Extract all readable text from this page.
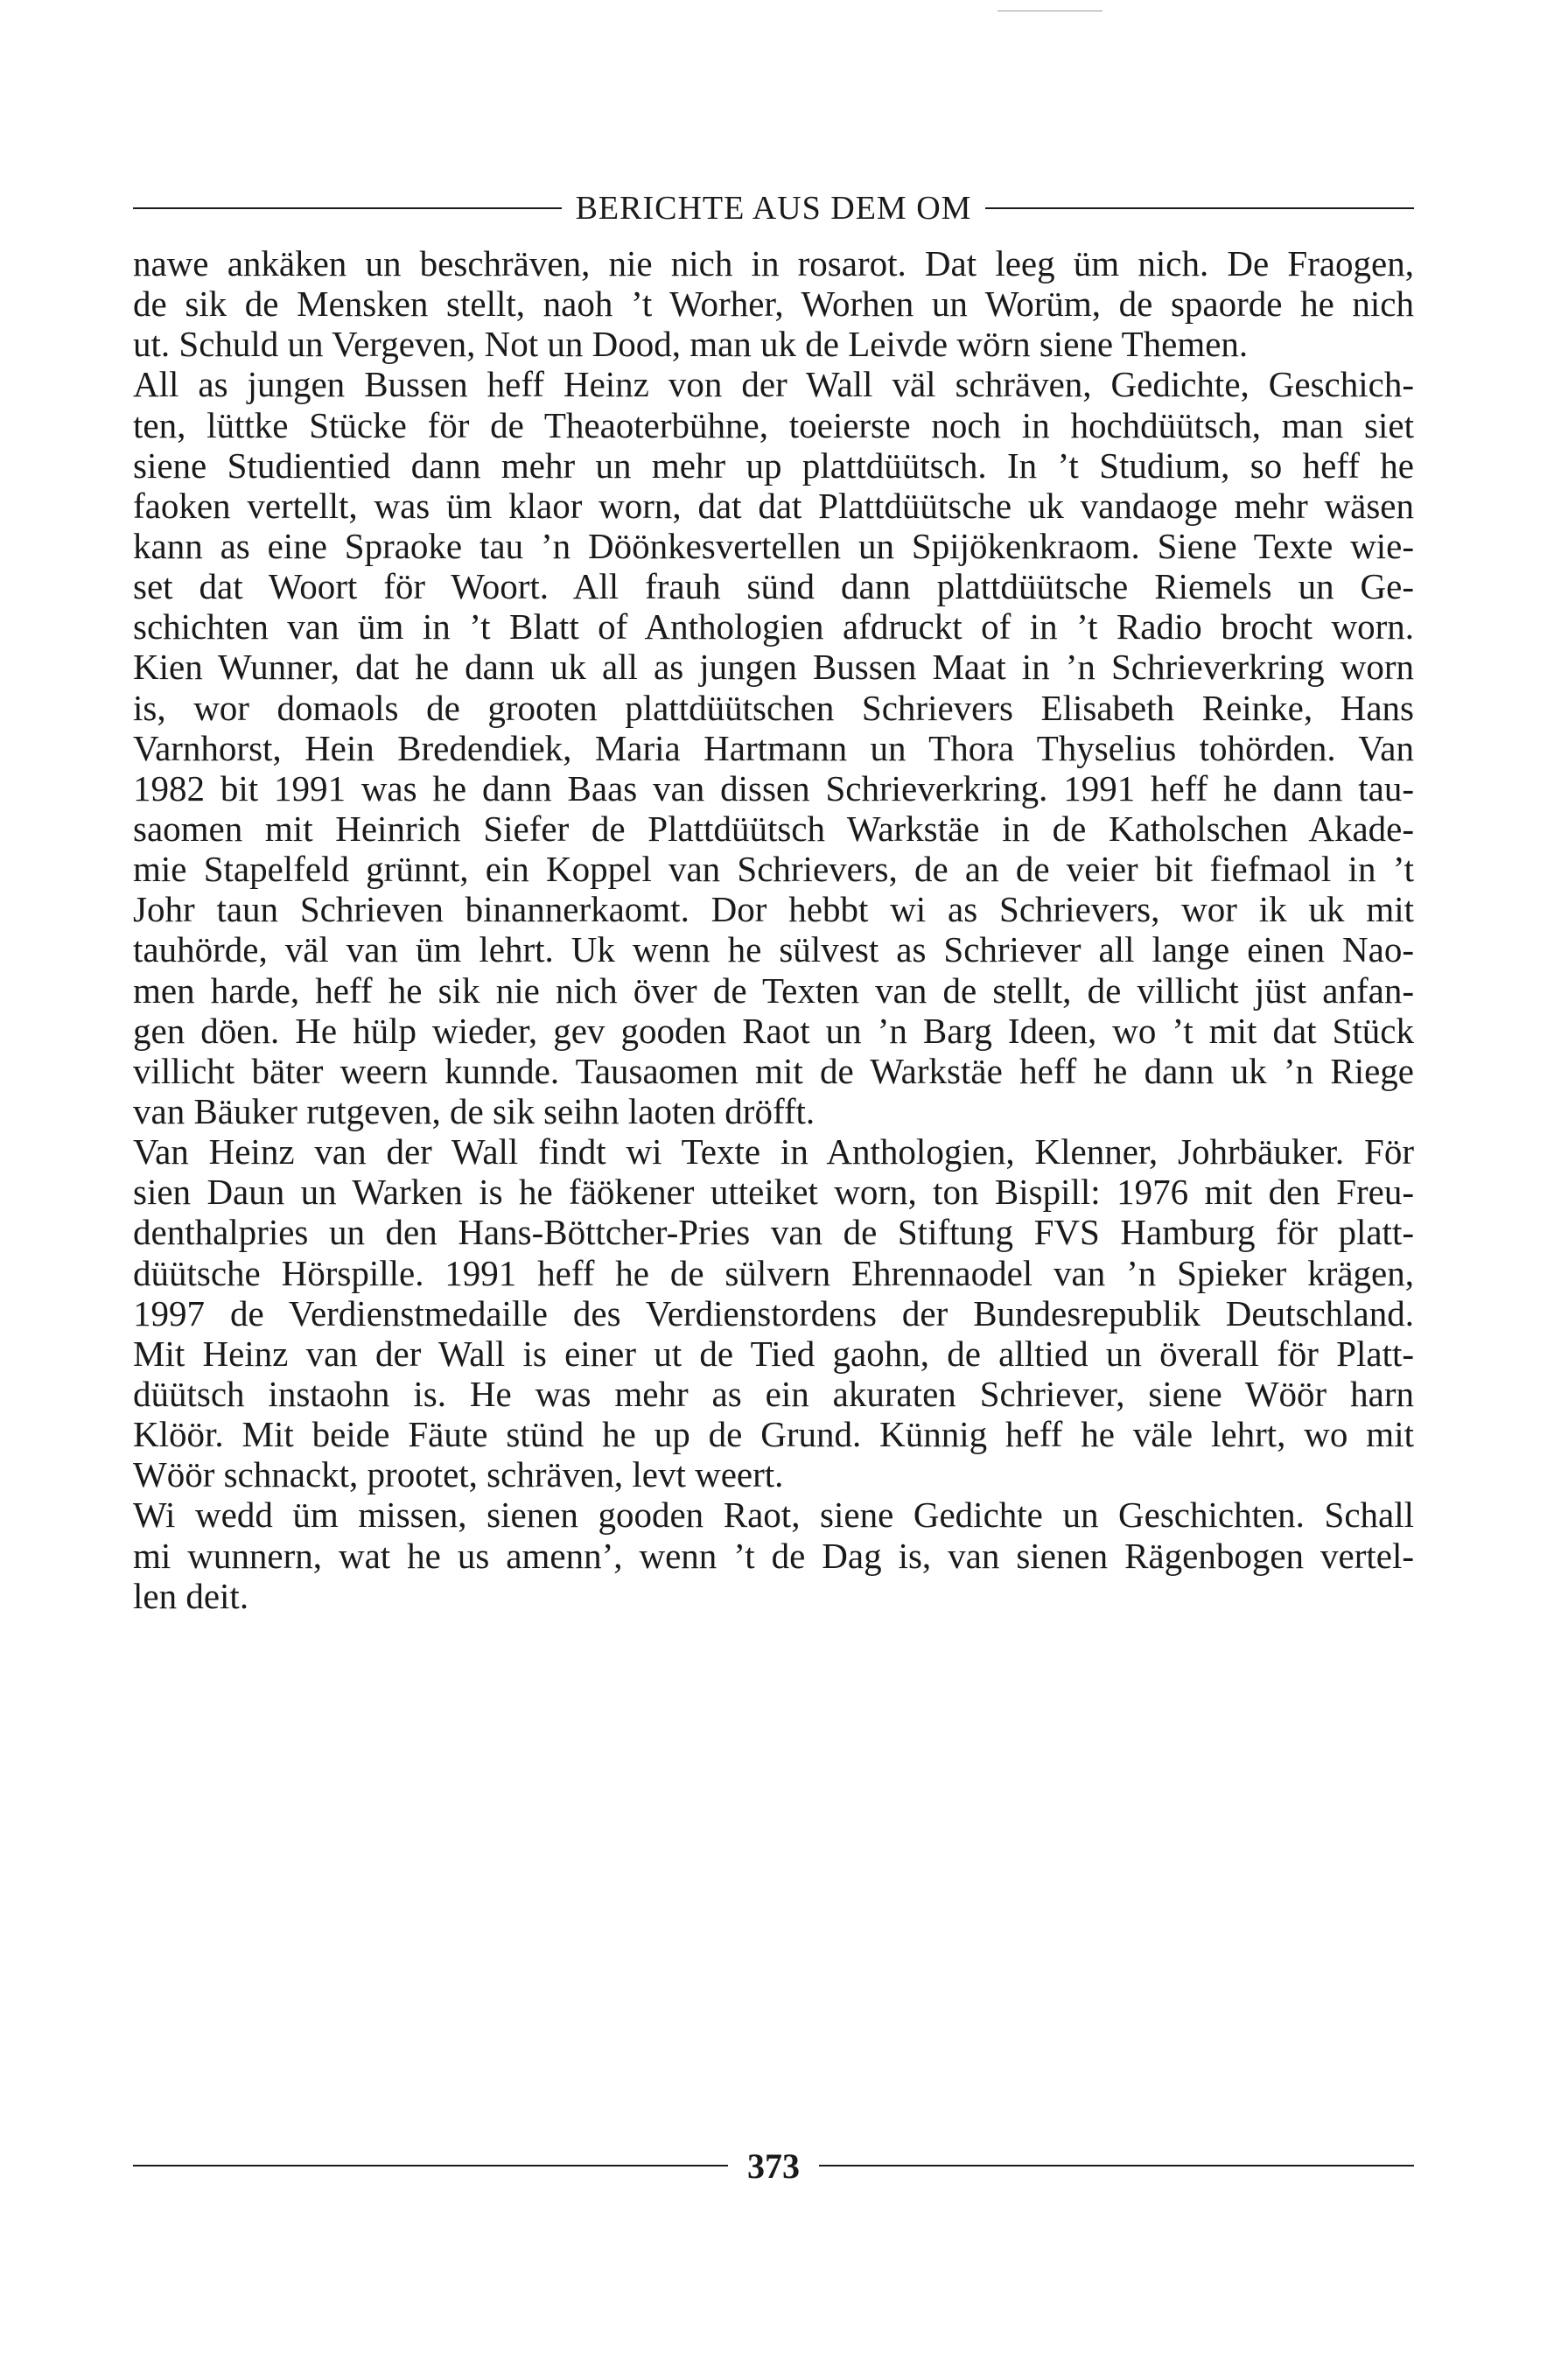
BERICHTE AUS DEM OM
nawe ankäken un beschräven, nie nich in rosarot. Dat leeg üm nich. De Fraogen,
de sik de Mensken stellt, naoh ’t Worher, Worhen un Worüm, de spaorde he nich
ut. Schuld un Vergeven, Not un Dood, man uk de Leivde wörn siene Themen.
All as jungen Bussen heff Heinz von der Wall väl schräven, Gedichte, Geschich-
ten, lüttke Stücke för de Theaoterbühne, toeierste noch in hochdüütsch, man siet
siene Studientied dann mehr un mehr up plattdüütsch. In ’t Studium, so heff he
faoken vertellt, was üm klaor worn, dat dat Plattdüütsche uk vandaoge mehr wäsen
kann as eine Spraoke tau ’n Döönkesvertellen un Spijökenkraom. Siene Texte wie-
set dat Woort för Woort. All frauh sünd dann plattdüütsche Riemels un Ge-
schichten van üm in ’t Blatt of Anthologien afdruckt of in ’t Radio brocht worn.
Kien Wunner, dat he dann uk all as jungen Bussen Maat in ’n Schrieverkring worn
is, wor domaols de grooten plattdüütschen Schrievers Elisabeth Reinke, Hans
Varnhorst, Hein Bredendiek, Maria Hartmann un Thora Thyselius tohörden. Van
1982 bit 1991 was he dann Baas van dissen Schrieverkring. 1991 heff he dann tau-
saomen mit Heinrich Siefer de Plattdüütsch Warkstäe in de Katholschen Akade-
mie Stapelfeld grünnt, ein Koppel van Schrievers, de an de veier bit fiefmaol in ’t
Johr taun Schrieven binannerkaomt. Dor hebbt wi as Schrievers, wor ik uk mit
tauhörde, väl van üm lehrt. Uk wenn he sülvest as Schriever all lange einen Nao-
men harde, heff he sik nie nich över de Texten van de stellt, de villicht jüst anfan-
gen döen. He hülp wieder, gev gooden Raot un ’n Barg Ideen, wo ’t mit dat Stück
villicht bäter weern kunnde. Tausaomen mit de Warkstäe heff he dann uk ’n Riege
van Bäuker rutgeven, de sik seihn laoten dröfft.
Van Heinz van der Wall findt wi Texte in Anthologien, Klenner, Johrbäuker. För
sien Daun un Warken is he fäökener utteiket worn, ton Bispill: 1976 mit den Freu-
denthalpries un den Hans-Böttcher-Pries van de Stiftung FVS Hamburg för platt-
düütsche Hörspille. 1991 heff he de sülvern Ehrennaodel van ’n Spieker krägen,
1997 de Verdienstmedaille des Verdienstordens der Bundesrepublik Deutschland.
Mit Heinz van der Wall is einer ut de Tied gaohn, de alltied un överall för Platt-
düütsch instaohn is. He was mehr as ein akuraten Schriever, siene Wöör harn
Klöör. Mit beide Fäute stünd he up de Grund. Künnig heff he väle lehrt, wo mit
Wöör schnackt, prootet, schräven, levt weert.
Wi wedd üm missen, sienen gooden Raot, siene Gedichte un Geschichten. Schall
mi wunnern, wat he us amenn’, wenn ’t de Dag is, van sienen Rägenbogen vertel-
len deit.
373
